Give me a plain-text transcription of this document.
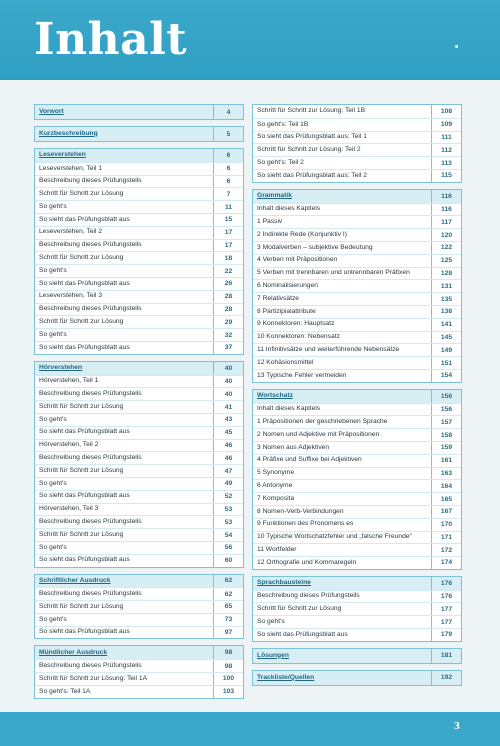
Inhalt
Vorwort	4
Kurzbeschreibung	5
Leseverstehen	6
Leseverstehen, Teil 1	6
Beschreibung dieses Prüfungsteils	6
Schritt für Schritt zur Lösung	7
So geht's	11
So sieht das Prüfungsblatt aus	15
Leseverstehen, Teil 2	17
Beschreibung dieses Prüfungsteils	17
Schritt für Schritt zur Lösung	18
So geht's	22
So sieht das Prüfungsblatt aus	26
Leseverstehen, Teil 3	28
Beschreibung dieses Prüfungsteils	28
Schritt für Schritt zur Lösung	29
So geht's	32
So sieht das Prüfungsblatt aus	37
Hörverstehen	40
Hörverstehen, Teil 1	40
Beschreibung dieses Prüfungsteils	40
Schritt für Schritt zur Lösung	41
So geht's	43
So sieht das Prüfungsblatt aus	45
Hörverstehen, Teil 2	46
Beschreibung dieses Prüfungsteils	46
Schritt für Schritt zur Lösung	47
So geht's	49
So sieht das Prüfungsblatt aus	52
Hörverstehen, Teil 3	53
Beschreibung dieses Prüfungsteils	53
Schritt für Schritt zur Lösung	54
So geht's	56
So sieht das Prüfungsblatt aus	60
Schriftlicher Ausdruck	62
Beschreibung dieses Prüfungsteils	62
Schritt für Schritt zur Lösung	65
So geht's	73
So sieht das Prüfungsblatt aus	97
Mündlicher Ausdruck	98
Beschreibung dieses Prüfungsteils	98
Schritt für Schritt zur Lösung: Teil 1A	100
So geht's: Teil 1A	103
Schritt für Schritt zur Lösung: Teil 1B	108
So geht's: Teil 1B	109
So sieht das Prüfungsblatt aus: Teil 1	111
Schritt für Schritt zur Lösung: Teil 2	112
So geht's: Teil 2	113
So sieht das Prüfungsblatt aus: Teil 2	115
Grammatik	116
Inhalt dieses Kapitels	116
1 Passiv	117
2 Indirekte Rede (Konjunktiv I)	120
3 Modalverben – subjektive Bedeutung	122
4 Verben mit Präpositionen	125
5 Verben mit trennbaren und untrennbaren Präfixen	128
6 Nominalisierungen	131
7 Relativsätze	135
8 Partizipialattribute	138
9 Konnektoren: Hauptsatz	141
10 Konnektoren: Nebensatz	145
11 Infinitivsätze und weiterführende Nebensätze	149
12 Kohäsionsmittel	151
13 Typische Fehler vermeiden	154
Wortschatz	156
Inhalt dieses Kapitels	156
1 Präpositionen der geschriebenen Sprache	157
2 Nomen und Adjektive mit Präpositionen	158
3 Nomen aus Adjektiven	159
4 Präfixe und Suffixe bei Adjektiven	161
5 Synonyme	163
6 Antonyme	164
7 Komposita	165
8 Nomen-Verb-Verbindungen	167
9 Funktionen des Pronomens es	170
10 Typische Wortschatzfehler und „falsche Freunde“	171
11 Wortfelder	172
12 Orthografie und Kommaregeln	174
Sprachbausteine	176
Beschreibung dieses Prüfungsteils	176
Schritt für Schritt zur Lösung	177
So geht's	177
So sieht das Prüfungsblatt aus	179
Lösungen	181
Trackliste/Quellen	192
3
